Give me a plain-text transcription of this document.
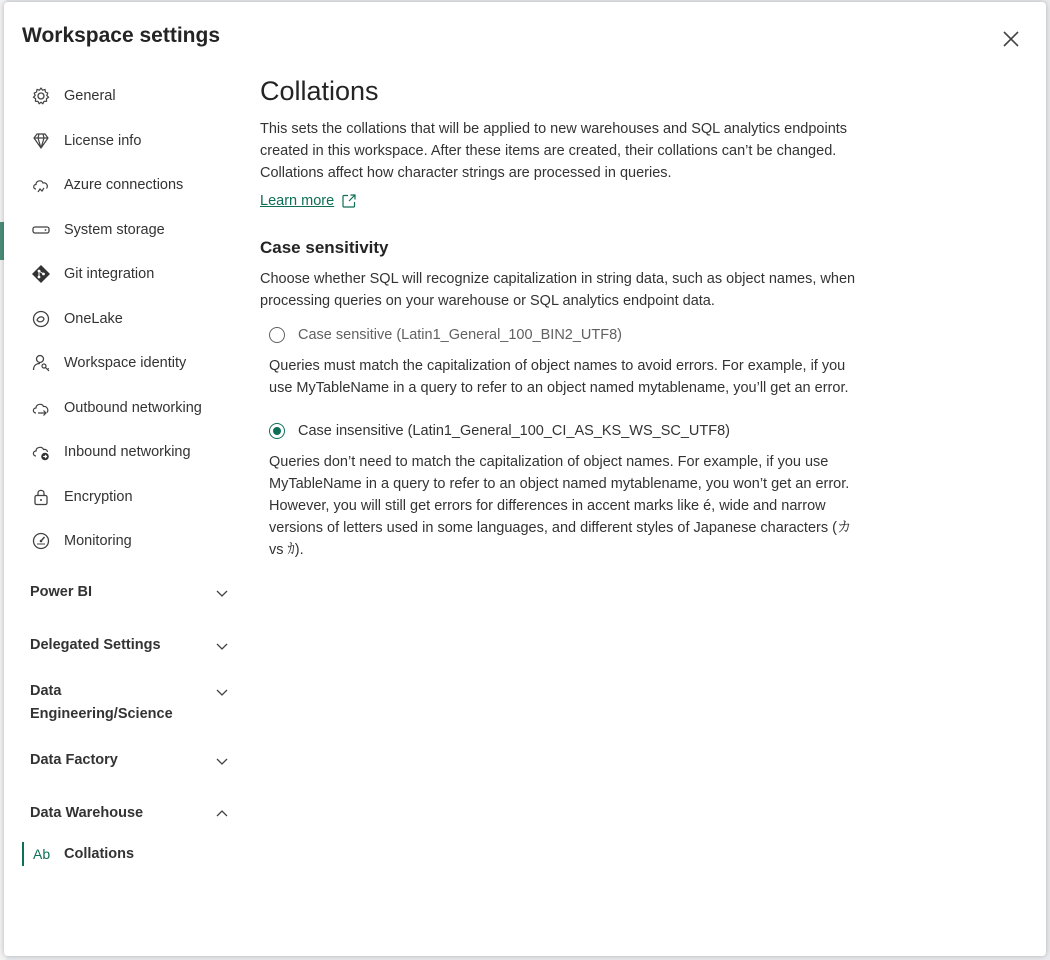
Workspace settings
General
License info
Azure connections
System storage
Git integration
OneLake
Workspace identity
Outbound networking
Inbound networking
Encryption
Monitoring
Power BI
Delegated Settings
Data Engineering/Science
Data Factory
Data Warehouse
Ab Collations
Collations

This sets the collations that will be applied to new warehouses and SQL analytics endpoints created in this workspace. After these items are created, their collations can’t be changed. Collations affect how character strings are processed in queries.

Learn more
Case sensitivity

Choose whether SQL will recognize capitalization in string data, such as object names, when processing queries on your warehouse or SQL analytics endpoint data.

Case sensitive (Latin1_General_100_BIN2_UTF8)

Queries must match the capitalization of object names to avoid errors. For example, if you use MyTableName in a query to refer to an object named mytablename, you’ll get an error.

Case insensitive (Latin1_General_100_CI_AS_KS_WS_SC_UTF8)

Queries don’t need to match the capitalization of object names. For example, if you use MyTableName in a query to refer to an object named mytablename, you won’t get an error. However, you will still get errors for differences in accent marks like é, wide and narrow versions of letters used in some languages, and different styles of Japanese characters (カ vs ｶ).
